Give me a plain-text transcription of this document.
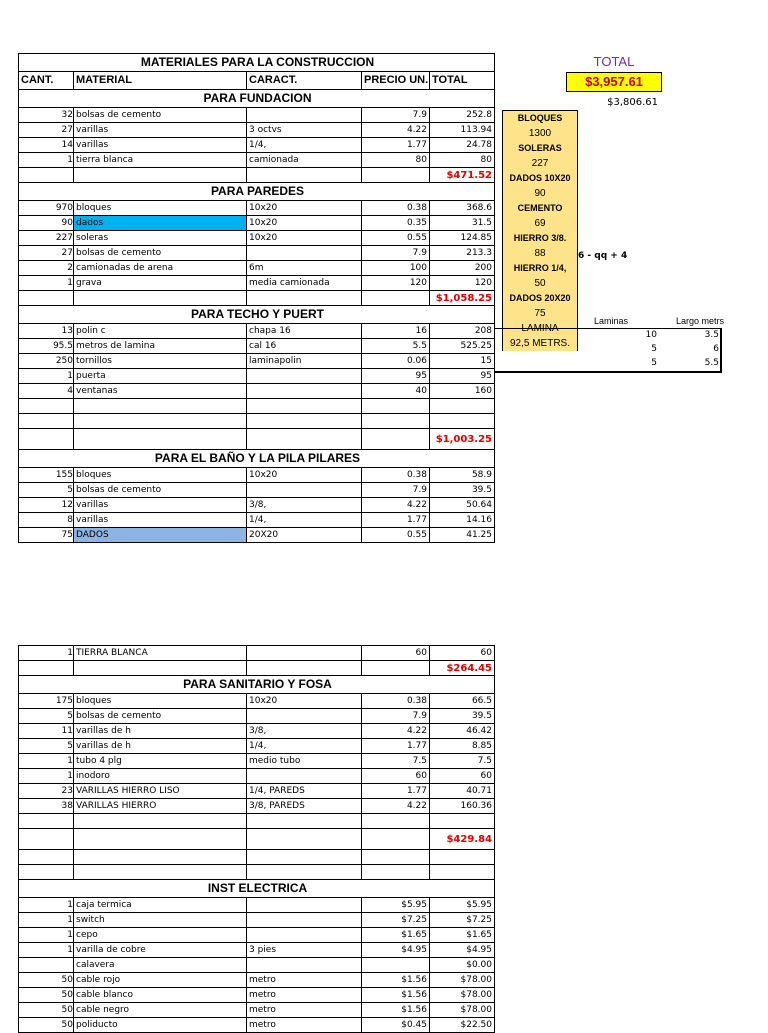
TOTAL
$3,957.61
$3,806.61
MATERIALES PARA LA CONSTRUCCION				
CANT.	MATERIAL	CARACT.	PRECIO UN.	TOTAL
PARA FUNDACION				
32	bolsas de cemento		7.9	252.8
27	varillas	3 octvs	4.22	113.94
14	varillas	1/4,	1.77	24.78
1	tierra blanca	camionada	80	80
				$471.52
PARA PAREDES				
970	bloques	10x20	0.38	368.6
90	dados	10x20	0.35	31.5
227	soleras	10x20	0.55	124.85
27	bolsas de cemento		7.9	213.3
2	camionadas de arena	6m	100	200
1	grava	media camionada	120	120
				$1,058.25
PARA TECHO Y PUERT				
13	polin c	chapa 16	16	208
95.5	metros de lamina	cal 16	5.5	525.25
250	tornillos	laminapolin	0.06	15
1	puerta		95	95
4	ventanas		40	160

				$1,003.25
PARA EL BAÑO Y LA PILA PILARES				
155	bloques	10x20	0.38	58.9
5	bolsas de cemento		7.9	39.5
12	varillas	3/8,	4.22	50.64
8	varillas	1/4,	1.77	14.16
75	DADOS	20X20	0.55	41.25
BLOQUES
1300
SOLERAS
227
DADOS 10X20
90
CEMENTO
69
HIERRO 3/8.
88
HIERRO 1/4,
50
DADOS 20X20
75
LAMINA
92,5 METRS.
6 - qq + 4
Laminas	Largo metrs
10	3.5
5	6
5	5.5
1	TIERRA BLANCA		60	60
				$264.45
PARA SANITARIO Y FOSA				
175	bloques	10x20	0.38	66.5
5	bolsas de cemento		7.9	39.5
11	varillas de h	3/8,	4.22	46.42
5	varillas de h	1/4,	1.77	8.85
1	tubo 4 plg	medio tubo	7.5	7.5
1	inodoro		60	60
23	VARILLAS HIERRO LISO	1/4, PAREDS	1.77	40.71
38	VARILLAS HIERRO	3/8, PAREDS	4.22	160.36

				$429.84

INST ELECTRICA				
1	caja termica		$5.95	$5.95
1	switch		$7.25	$7.25
1	cepo		$1.65	$1.65
1	varilla de cobre	3 pies	$4.95	$4.95
	calavera			$0.00
50	cable rojo	metro	$1.56	$78.00
50	cable blanco	metro	$1.56	$78.00
50	cable negro	metro	$1.56	$78.00
50	poliducto	metro	$0.45	$22.50
